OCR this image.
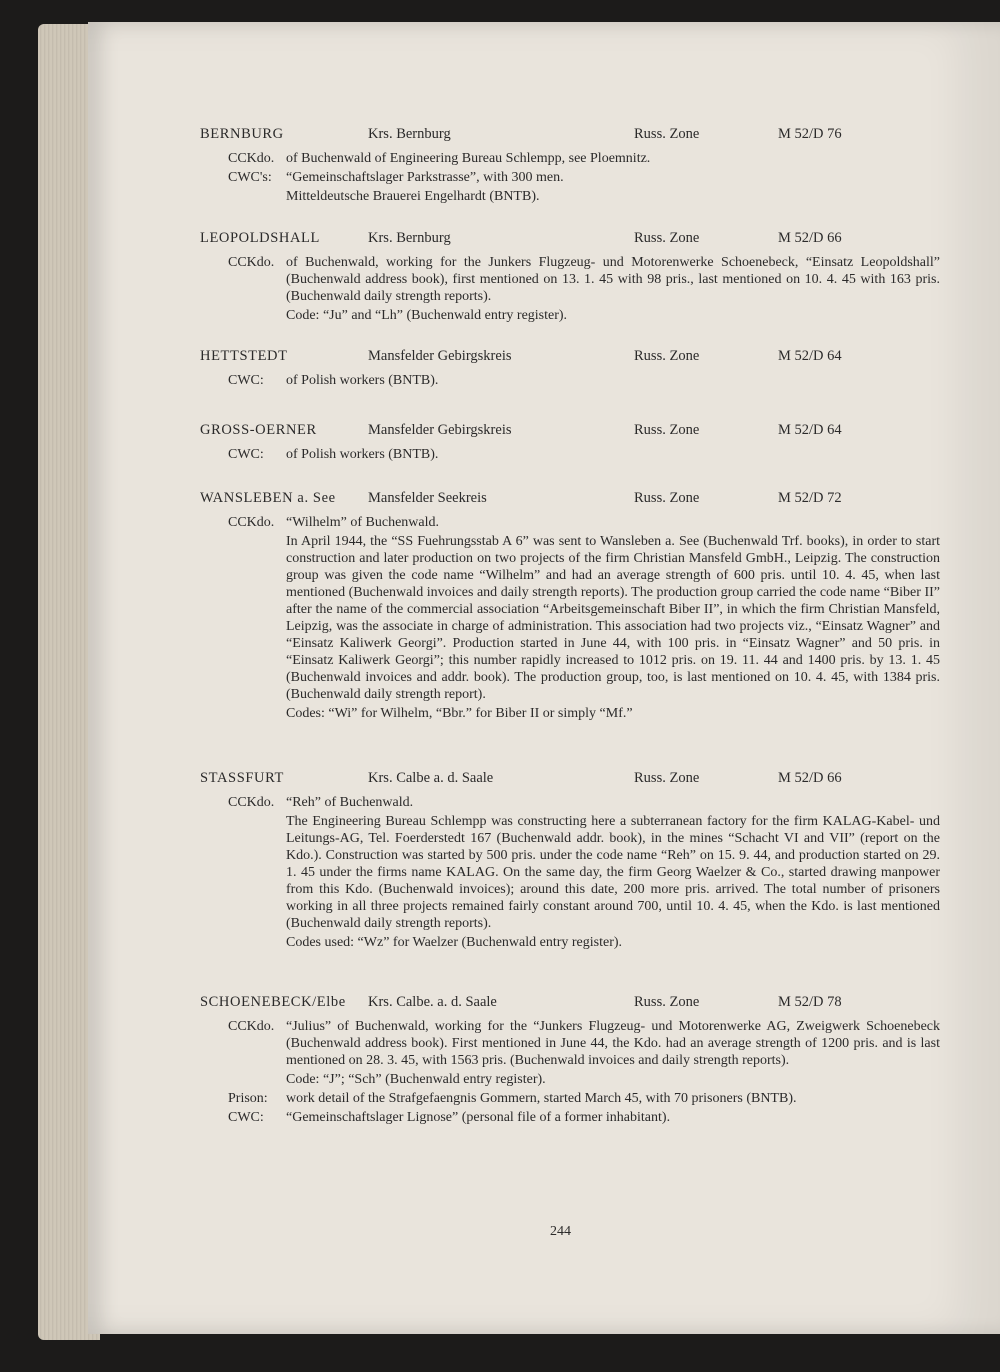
BERNBURG	Krs. Bernburg	Russ. Zone	M 52/D 76
CCKdo. of Buchenwald of Engineering Bureau Schlempp, see Ploemnitz.
CWC's:	“Gemeinschaftslager Parkstrasse”, with 300 men.
Mitteldeutsche Brauerei Engelhardt (BNTB).
LEOPOLDSHALL	Krs. Bernburg	Russ. Zone	M 52/D 66
CCKdo. of Buchenwald, working for the Junkers Flugzeug- und Motorenwerke Schoenebeck, “Einsatz Leopoldshall” (Buchenwald address book), first mentioned on 13. 1. 45 with 98 pris., last mentioned on 10. 4. 45 with 163 pris. (Buchenwald daily strength reports).
Code: “Ju” and “Lh” (Buchenwald entry register).
HETTSTEDT	Mansfelder Gebirgskreis	Russ. Zone	M 52/D 64
CWC:	of Polish workers (BNTB).
GROSS-OERNER	Mansfelder Gebirgskreis	Russ. Zone	M 52/D 64
CWC:	of Polish workers (BNTB).
WANSLEBEN a. See Mansfelder Seekreis	Russ. Zone	M 52/D 72
CCKdo. “Wilhelm” of Buchenwald.
In April 1944, the “SS Fuehrungsstab A 6” was sent to Wansleben a. See (Buchenwald Trf. books), in order to start construction and later production on two projects of the firm Christian Mansfeld GmbH., Leipzig. The construction group was given the code name “Wilhelm” and had an average strength of 600 pris. until 10. 4. 45, when last mentioned (Buchenwald invoices and daily strength reports). The production group carried the code name “Biber II” after the name of the commercial association “Arbeitsgemeinschaft Biber II”, in which the firm Christian Mansfeld, Leipzig, was the associate in charge of administration. This association had two projects viz., “Einsatz Wagner” and “Einsatz Kaliwerk Georgi”. Production started in June 44, with 100 pris. in “Einsatz Wagner” and 50 pris. in “Einsatz Kaliwerk Georgi”; this number rapidly increased to 1012 pris. on 19. 11. 44 and 1400 pris. by 13. 1. 45 (Buchenwald invoices and addr. book). The production group, too, is last mentioned on 10. 4. 45, with 1384 pris. (Buchenwald daily strength report).
Codes: “Wi” for Wilhelm, “Bbr.” for Biber II or simply “Mf.”
STASSFURT	Krs. Calbe a. d. Saale	Russ. Zone	M 52/D 66
CCKdo. “Reh” of Buchenwald.
The Engineering Bureau Schlempp was constructing here a subterranean factory for the firm KALAG-Kabel- und Leitungs-AG, Tel. Foerderstedt 167 (Buchenwald addr. book), in the mines “Schacht VI and VII” (report on the Kdo.). Construction was started by 500 pris. under the code name “Reh” on 15. 9. 44, and production started on 29. 1. 45 under the firms name KALAG. On the same day, the firm Georg Waelzer & Co., started drawing manpower from this Kdo. (Buchenwald invoices); around this date, 200 more pris. arrived. The total number of prisoners working in all three projects remained fairly constant around 700, until 10. 4. 45, when the Kdo. is last mentioned (Buchenwald daily strength reports).
Codes used: “Wz” for Waelzer (Buchenwald entry register).
SCHOENEBECK/Elbe Krs. Calbe. a. d. Saale	Russ. Zone	M 52/D 78
CCKdo. “Julius” of Buchenwald, working for the “Junkers Flugzeug- und Motorenwerke AG, Zweigwerk Schoenebeck (Buchenwald address book). First mentioned in June 44, the Kdo. had an average strength of 1200 pris. and is last mentioned on 28. 3. 45, with 1563 pris. (Buchenwald invoices and daily strength reports).
Code: “J”; “Sch” (Buchenwald entry register).
Prison:	work detail of the Strafgefaengnis Gommern, started March 45, with 70 prisoners (BNTB).
CWC:	“Gemeinschaftslager Lignose” (personal file of a former inhabitant).
244
